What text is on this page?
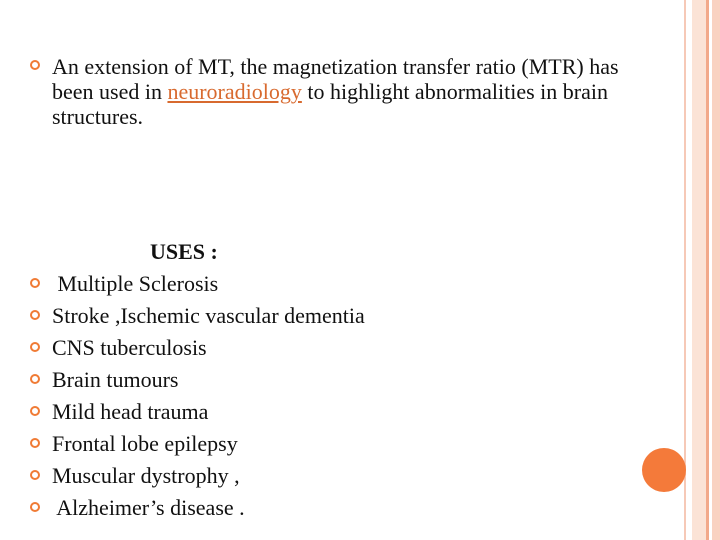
An extension of MT, the magnetization transfer ratio (MTR) has been used in neuroradiology to highlight abnormalities in brain structures.
USES :
Multiple Sclerosis
Stroke ,Ischemic vascular dementia
CNS tuberculosis
Brain tumours
Mild head trauma
Frontal lobe epilepsy
Muscular dystrophy ,
Alzheimer’s disease .
